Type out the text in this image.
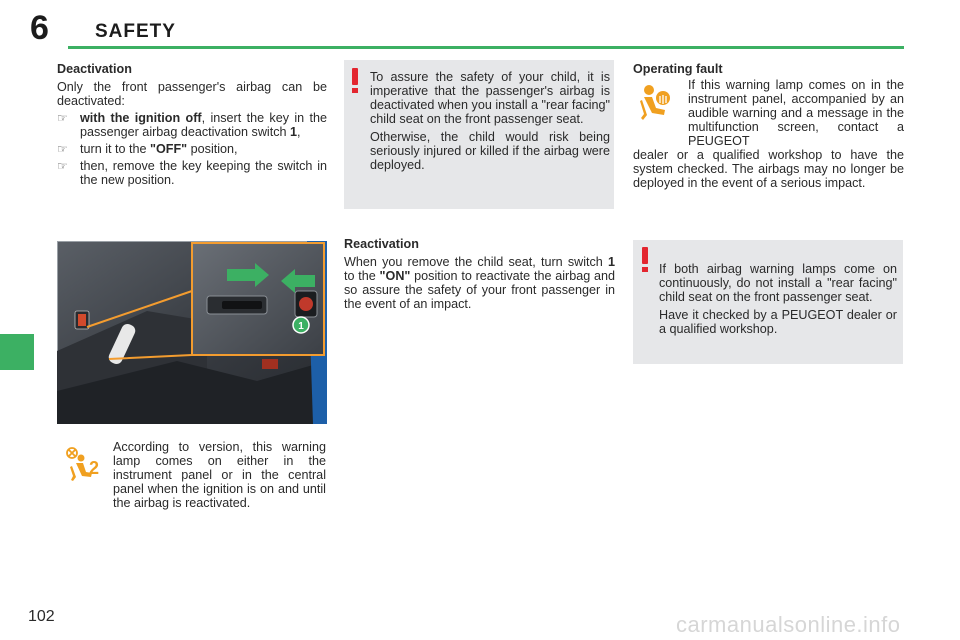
6 SAFETY
Deactivation
Only the front passenger's airbag can be deactivated:
☞ with the ignition off, insert the key in the passenger airbag deactivation switch 1,
☞ turn it to the "OFF" position,
☞ then, remove the key keeping the switch in the new position.

To assure the safety of your child, it is imperative that the passenger's airbag is deactivated when you install a "rear facing" child seat on the front passenger seat.

Otherwise, the child would risk being seriously injured or killed if the airbag were deployed.

Operating fault
If this warning lamp comes on in the instrument panel, accompanied by an audible warning and a message in the multifunction screen, contact a PEUGEOT
dealer or a qualified workshop to have the system checked. The airbags may no longer be deployed in the event of a serious impact.
Reactivation
When you remove the child seat, turn switch 1 to the "ON" position to reactivate the airbag and so assure the safety of your front passenger in the event of an impact.

If both airbag warning lamps come on continuously, do not install a "rear facing" child seat on the front passenger seat.

Have it checked by a PEUGEOT dealer or a qualified workshop.

1
2
According to version, this warning lamp comes on either in the instrument panel or in the central panel when the ignition is on and until the airbag is reactivated.
102	carmanualsonline.info
